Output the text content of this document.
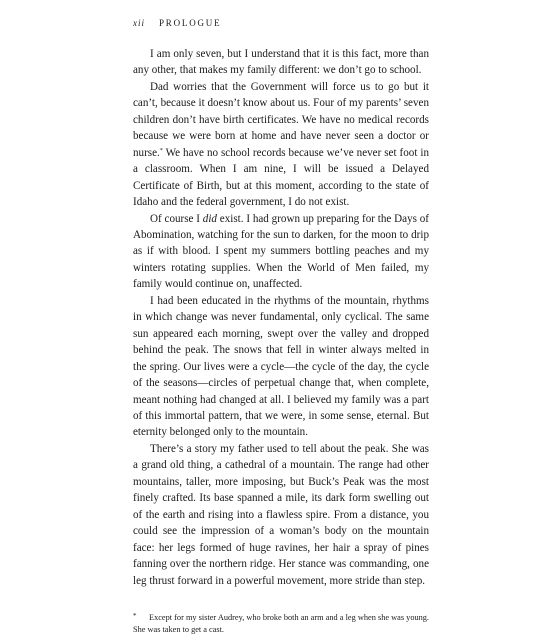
xii PROLOGUE

I am only seven, but I understand that it is this fact, more than any other, that makes my family different: we don’t go to school.

Dad worries that the Government will force us to go but it can’t, because it doesn’t know about us. Four of my parents’ seven children don’t have birth certificates. We have no medical records because we were born at home and have never seen a doctor or nurse.* We have no school records because we’ve never set foot in a classroom. When I am nine, I will be issued a Delayed Certificate of Birth, but at this moment, according to the state of Idaho and the federal government, I do not exist.

Of course I did exist. I had grown up preparing for the Days of Abomination, watching for the sun to darken, for the moon to drip as if with blood. I spent my summers bottling peaches and my winters rotating supplies. When the World of Men failed, my family would continue on, unaffected.

I had been educated in the rhythms of the mountain, rhythms in which change was never fundamental, only cyclical. The same sun appeared each morning, swept over the valley and dropped behind the peak. The snows that fell in winter always melted in the spring. Our lives were a cycle—the cycle of the day, the cycle of the seasons—circles of perpetual change that, when complete, meant nothing had changed at all. I believed my family was a part of this immortal pattern, that we were, in some sense, eternal. But eternity belonged only to the mountain.

There’s a story my father used to tell about the peak. She was a grand old thing, a cathedral of a mountain. The range had other mountains, taller, more imposing, but Buck’s Peak was the most finely crafted. Its base spanned a mile, its dark form swelling out of the earth and rising into a flawless spire. From a distance, you could see the impression of a woman’s body on the mountain face: her legs formed of huge ravines, her hair a spray of pines fanning over the northern ridge. Her stance was commanding, one leg thrust forward in a powerful movement, more stride than step.

* Except for my sister Audrey, who broke both an arm and a leg when she was young. She was taken to get a cast.
